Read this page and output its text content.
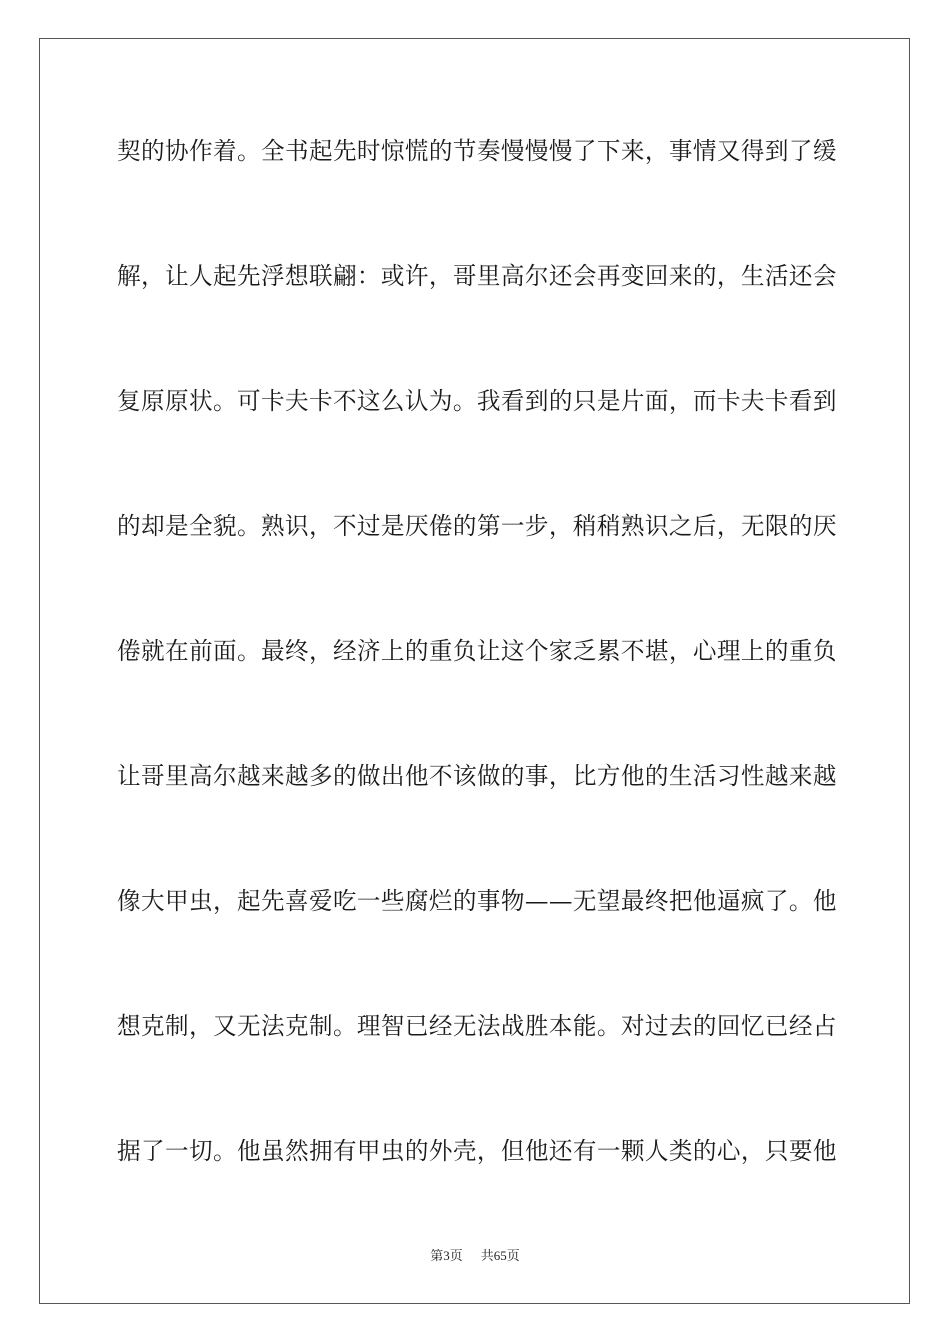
契的协作着。全书起先时惊慌的节奏慢慢慢了下来，事情又得到了缓
解，让人起先浮想联翩：或许，哥里高尔还会再变回来的，生活还会
复原原状。可卡夫卡不这么认为。我看到的只是片面，而卡夫卡看到
的却是全貌。熟识，不过是厌倦的第一步，稍稍熟识之后，无限的厌
倦就在前面。最终，经济上的重负让这个家乏累不堪，心理上的重负
让哥里高尔越来越多的做出他不该做的事，比方他的生活习性越来越
像大甲虫，起先喜爱吃一些腐烂的事物——无望最终把他逼疯了。他
想克制，又无法克制。理智已经无法战胜本能。对过去的回忆已经占
据了一切。他虽然拥有甲虫的外壳，但他还有一颗人类的心，只要他
第3页 共65页
